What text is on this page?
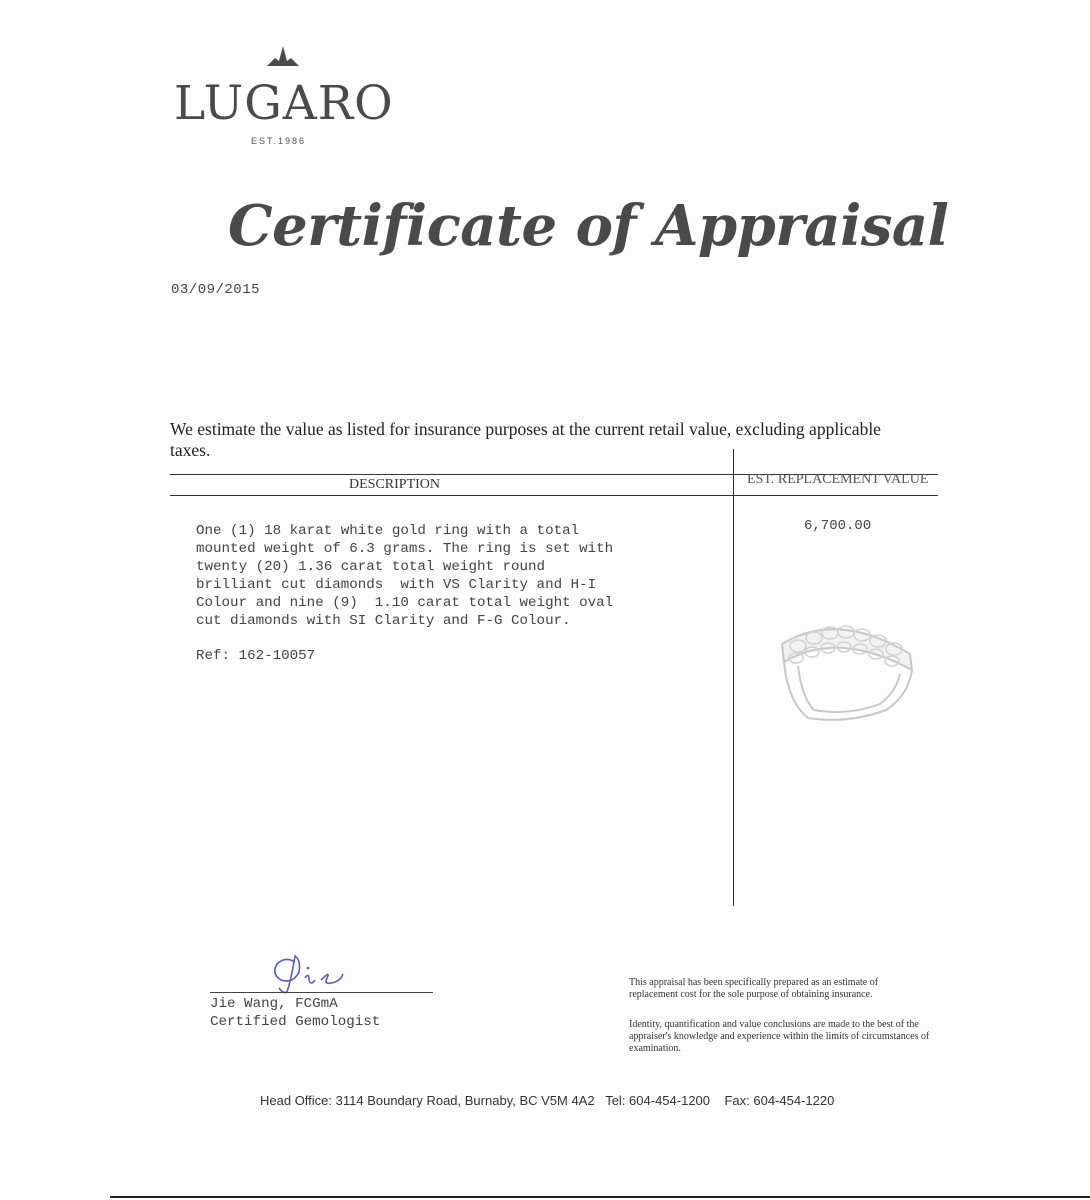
LUGARO
EST.1986
Certificate of Appraisal
03/09/2015
We estimate the value as listed for insurance purposes at the current retail value, excluding applicable taxes.
DESCRIPTION	EST. REPLACEMENT VALUE
One (1) 18 karat white gold ring with a total
mounted weight of 6.3 grams. The ring is set with
twenty (20) 1.36 carat total weight round
brilliant cut diamonds  with VS Clarity and H-I
Colour and nine (9)  1.10 carat total weight oval
cut diamonds with SI Clarity and F-G Colour.
Ref: 162-10057
6,700.00
Jie Wang, FCGmA
Certified Gemologist
This appraisal has been specifically prepared as an estimate of replacement cost for the sole purpose of obtaining insurance.
Identity, quantification and value conclusions are made to the best of the appraiser's knowledge and experience within the limits of circumstances of examination.
Head Office: 3114 Boundary Road, Burnaby, BC V5M 4A2 Tel: 604-454-1200 Fax: 604-454-1220
